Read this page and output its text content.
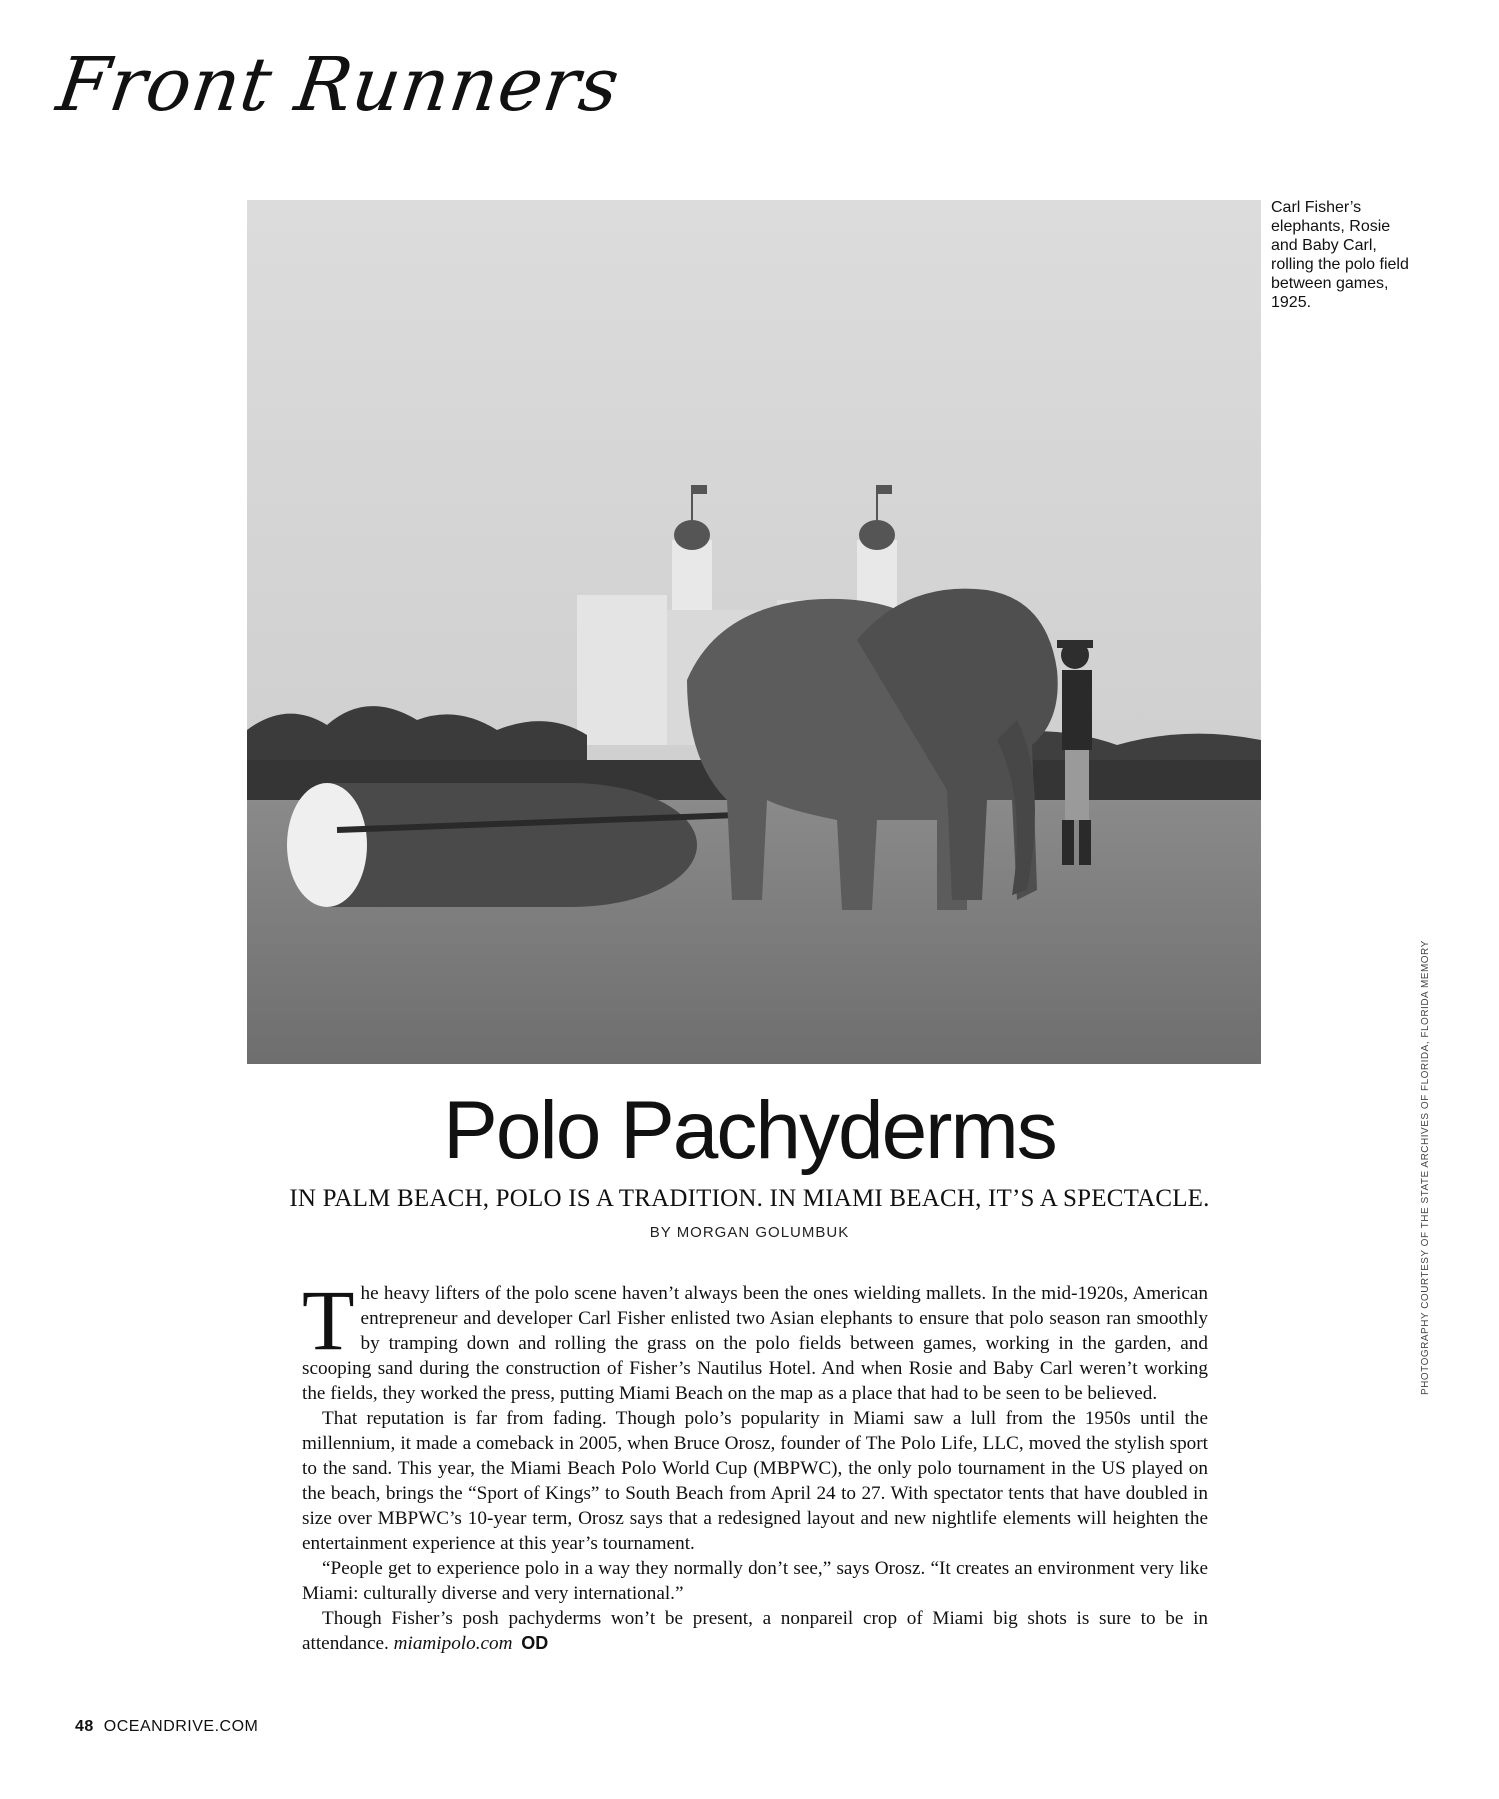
Front Runners
Carl Fisher’s elephants, Rosie and Baby Carl, rolling the polo field between games, 1925.
PHOTOGRAPHY COURTESY OF THE STATE ARCHIVES OF FLORIDA, FLORIDA MEMORY
Polo Pachyderms
IN PALM BEACH, POLO IS A TRADITION. IN MIAMI BEACH, IT’S A SPECTACLE.
BY MORGAN GOLUMBUK

The heavy lifters of the polo scene haven’t always been the ones wielding mallets. In the mid-1920s, American entrepreneur and developer Carl Fisher enlisted two Asian elephants to ensure that polo season ran smoothly by tramping down and rolling the grass on the polo fields between games, working in the garden, and scooping sand during the construction of Fisher’s Nautilus Hotel. And when Rosie and Baby Carl weren’t working the fields, they worked the press, putting Miami Beach on the map as a place that had to be seen to be believed.

That reputation is far from fading. Though polo’s popularity in Miami saw a lull from the 1950s until the millennium, it made a comeback in 2005, when Bruce Orosz, founder of The Polo Life, LLC, moved the stylish sport to the sand. This year, the Miami Beach Polo World Cup (MBPWC), the only polo tournament in the US played on the beach, brings the “Sport of Kings” to South Beach from April 24 to 27. With spectator tents that have doubled in size over MBPWC’s 10-year term, Orosz says that a redesigned layout and new nightlife elements will heighten the entertainment experience at this year’s tournament.

“People get to experience polo in a way they normally don’t see,” says Orosz. “It creates an environment very like Miami: culturally diverse and very international.”

Though Fisher’s posh pachyderms won’t be present, a nonpareil crop of Miami big shots is sure to be in attendance. miamipolo.com OD

48 OCEANDRIVE.COM
